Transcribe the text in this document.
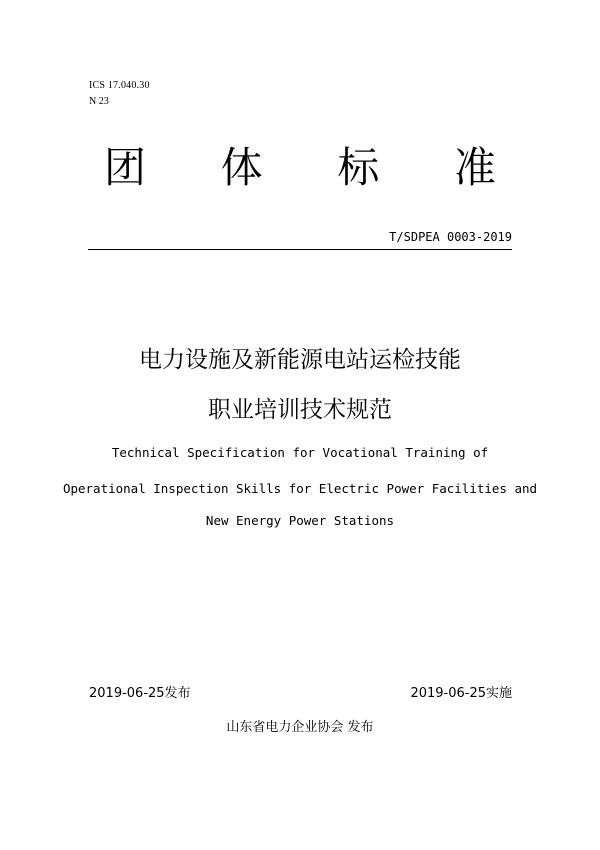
ICS 17.040.30
N 23
团 体 标 准
T/SDPEA 0003-2019
电力设施及新能源电站运检技能
职业培训技术规范
Technical Specification for Vocational Training of
Operational Inspection Skills for Electric Power Facilities and
New Energy Power Stations
2019-06-25发布	2019-06-25实施
山东省电力企业协会 发布
